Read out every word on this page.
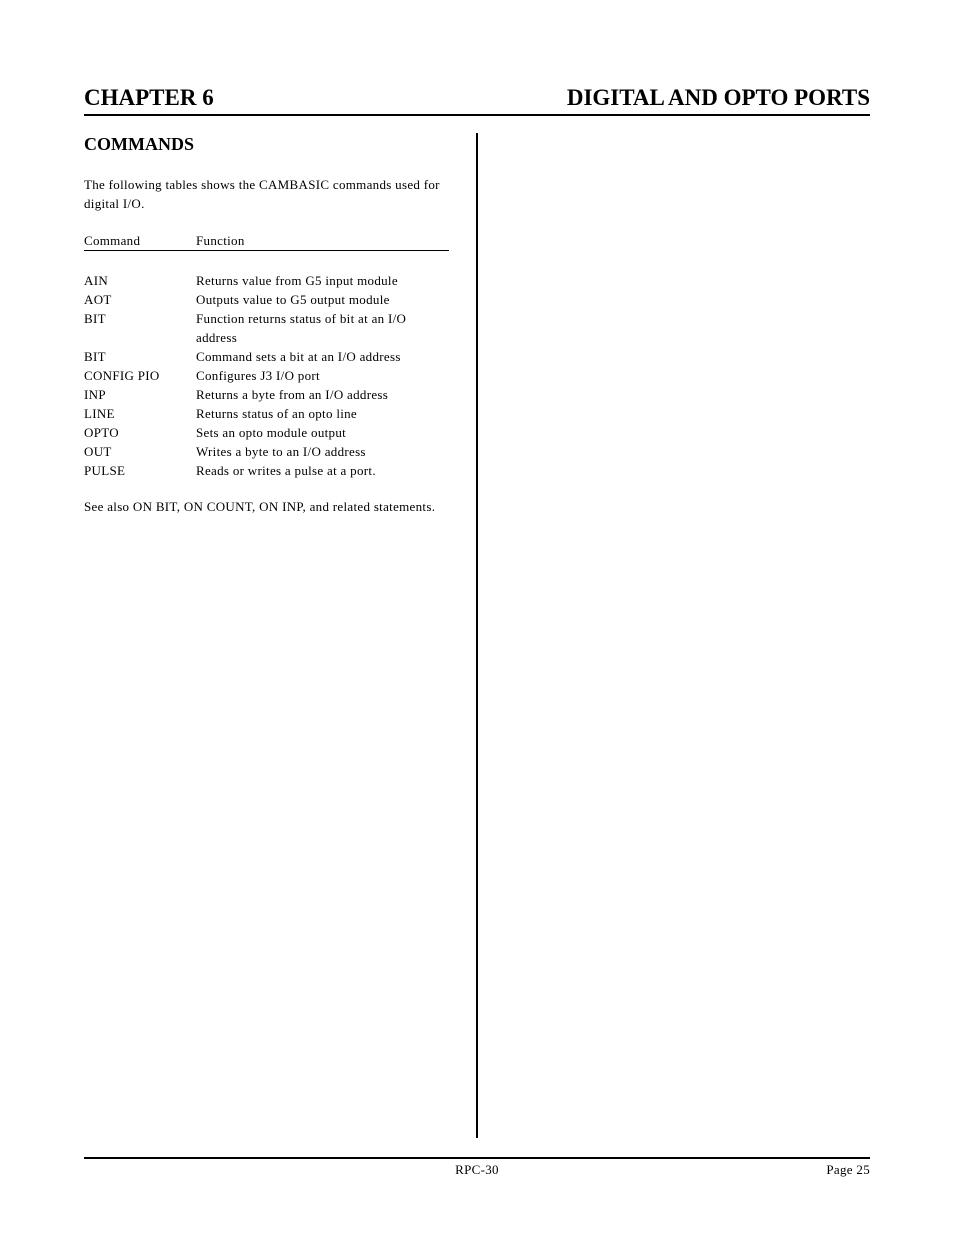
CHAPTER 6	DIGITAL AND OPTO PORTS
COMMANDS
The following tables shows the CAMBASIC commands used for digital I/O.
Command	Function
AIN	Returns value from G5 input module
AOT	Outputs value to G5 output module
BIT	Function returns status of bit at an I/O address
BIT	Command sets a bit at an I/O address
CONFIG PIO	Configures J3 I/O port
INP	Returns a byte from an I/O address
LINE	Returns status of an opto line
OPTO	Sets an opto module output
OUT	Writes a byte to an I/O address
PULSE	Reads or writes a pulse at a port.
See also ON BIT, ON COUNT, ON INP, and related statements.
RPC-30	Page 25
